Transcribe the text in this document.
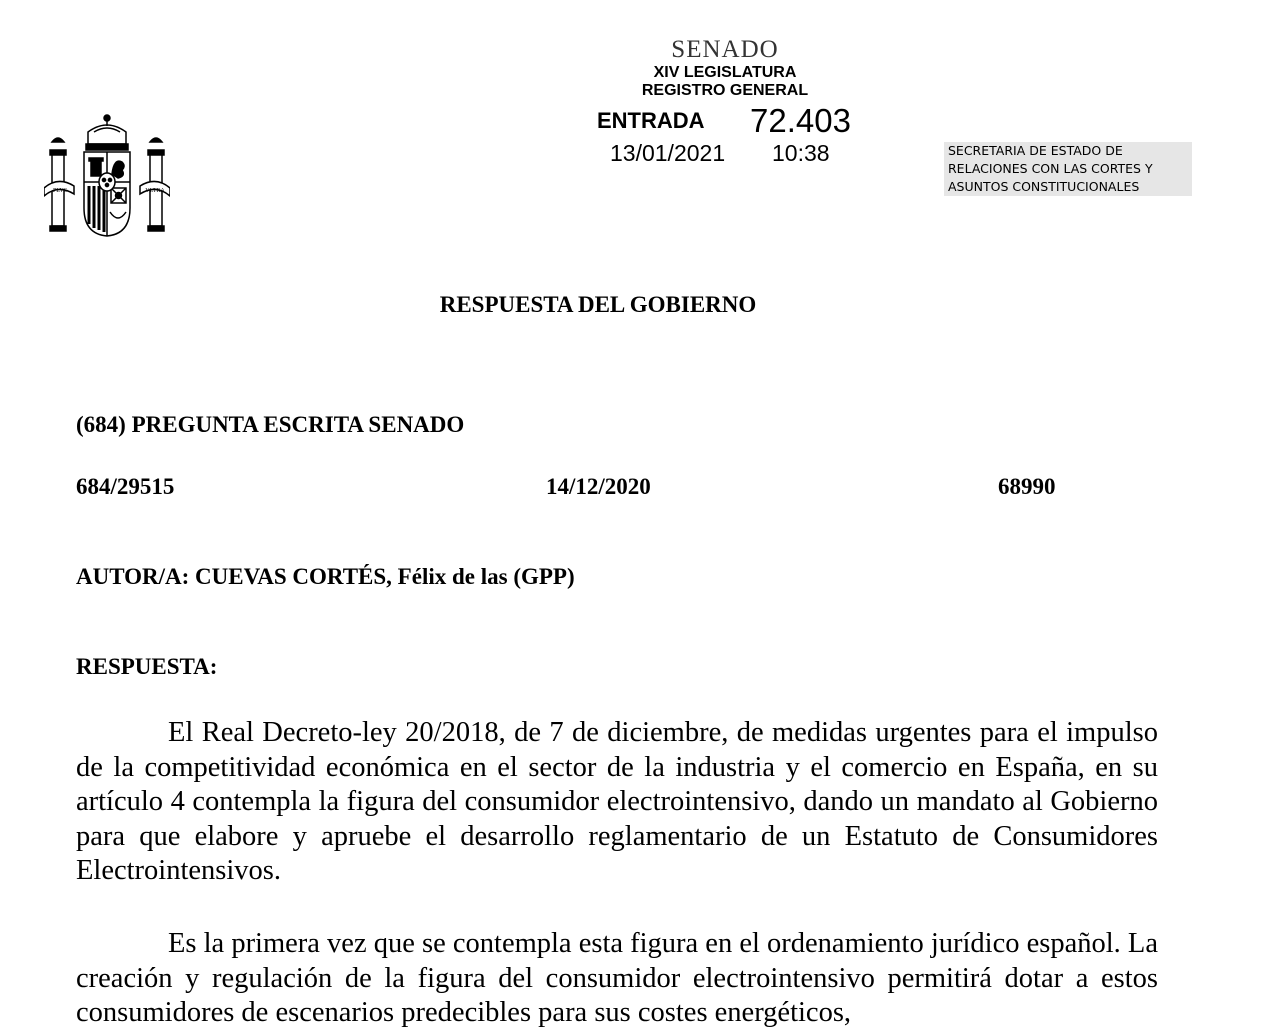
PLVS	VLTRA
SENADO
XIV LEGISLATURA
REGISTRO GENERAL
ENTRADA 72.403
13/01/2021 10:38	SECRETARIA DE ESTADO DE
RELACIONES CON LAS CORTES Y
ASUNTOS CONSTITUCIONALES
RESPUESTA DEL GOBIERNO
(684) PREGUNTA ESCRITA SENADO
684/29515	14/12/2020	68990
AUTOR/A: CUEVAS CORTÉS, Félix de las (GPP)
RESPUESTA:
El Real Decreto-ley 20/2018, de 7 de diciembre, de medidas urgentes para el impulso de la competitividad económica en el sector de la industria y el comercio en España, en su artículo 4 contempla la figura del consumidor electrointensivo, dando un mandato al Gobierno para que elabore y apruebe el desarrollo reglamentario de un Estatuto de Consumidores Electrointensivos.
Es la primera vez que se contempla esta figura en el ordenamiento jurídico español. La creación y regulación de la figura del consumidor electrointensivo permitirá dotar a estos consumidores de escenarios predecibles para sus costes energéticos,
